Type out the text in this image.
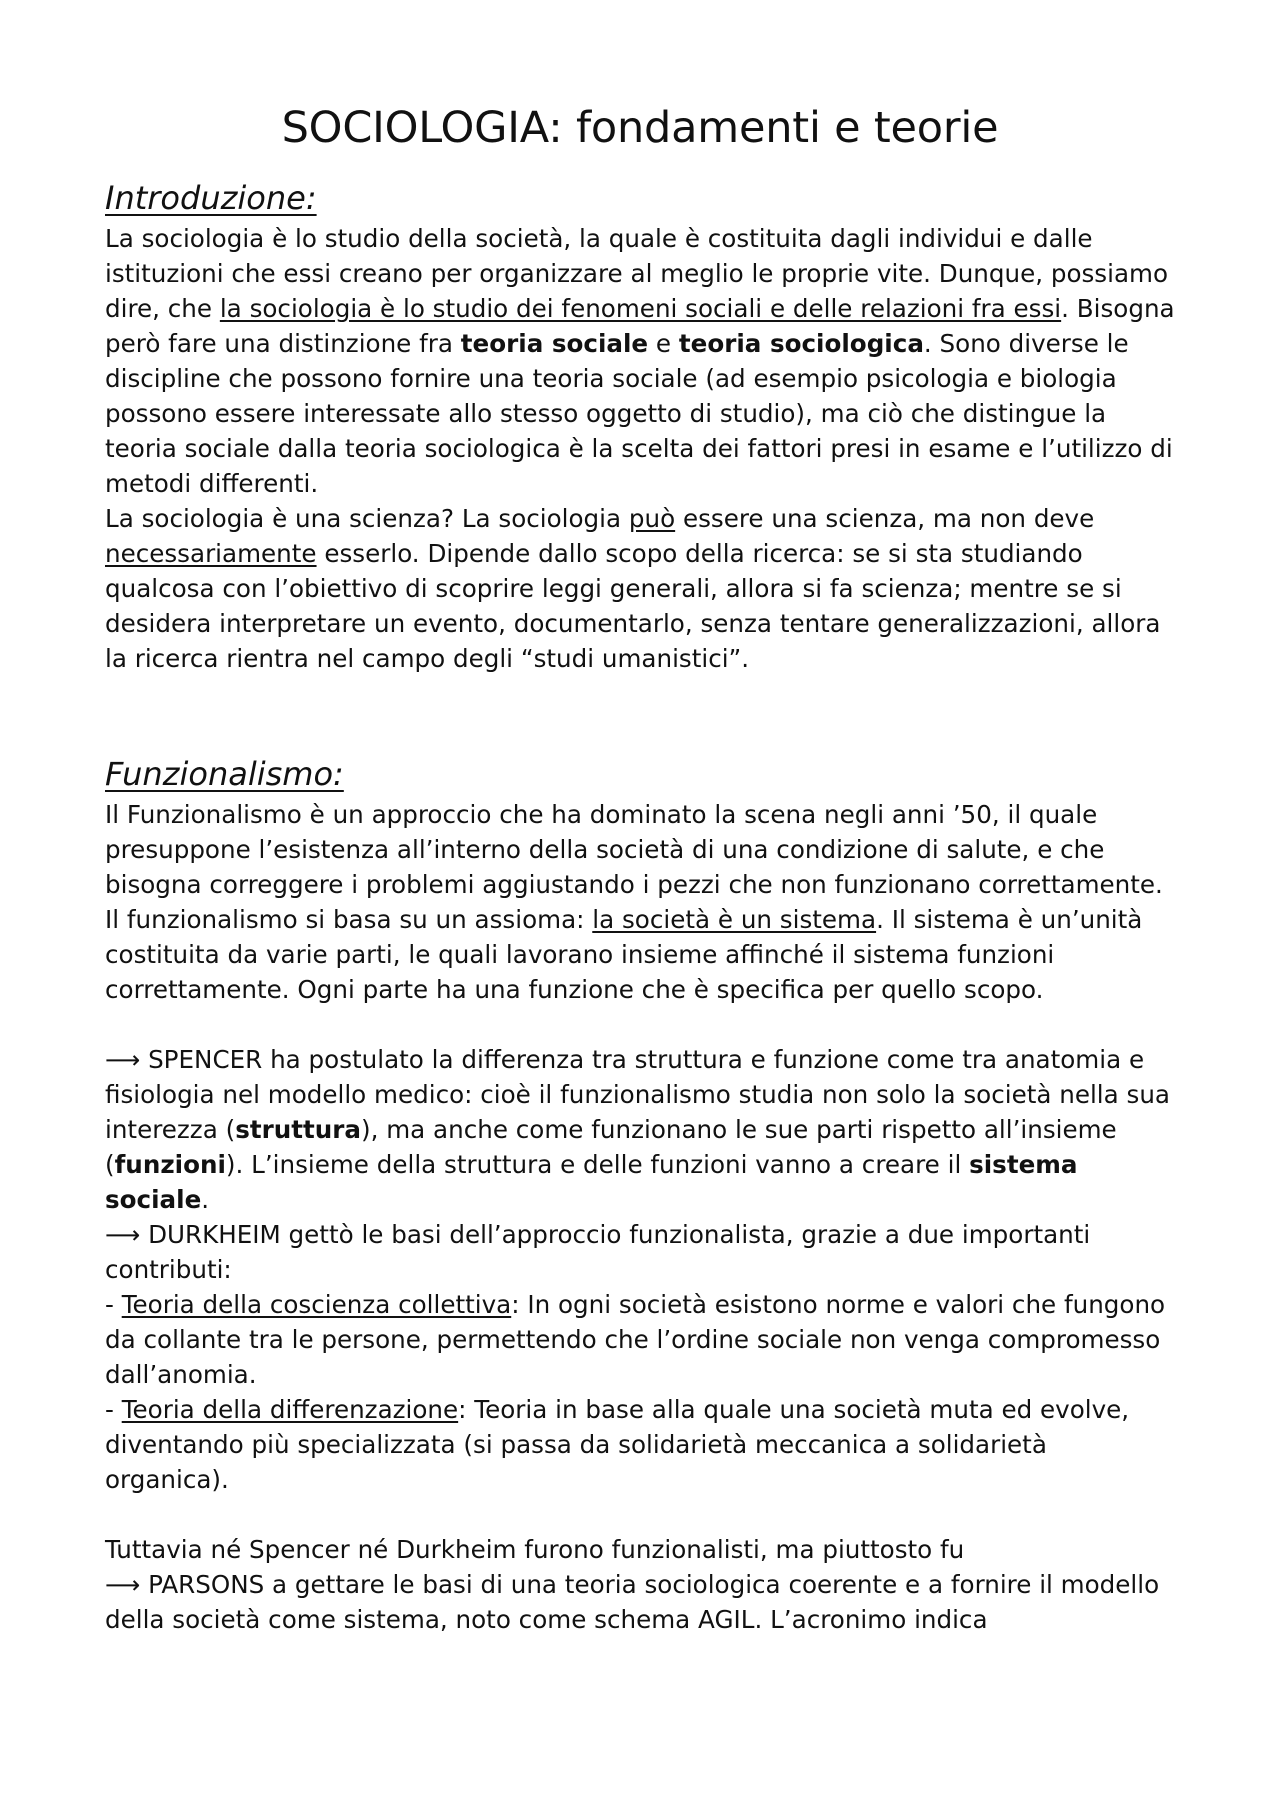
SOCIOLOGIA: fondamenti e teorie
Introduzione:

La sociologia è lo studio della società, la quale è costituita dagli individui e dalle istituzioni che essi creano per organizzare al meglio le proprie vite. Dunque, possiamo dire, che la sociologia è lo studio dei fenomeni sociali e delle relazioni fra essi. Bisogna però fare una distinzione fra teoria sociale e teoria sociologica. Sono diverse le discipline che possono fornire una teoria sociale (ad esempio psicologia e biologia possono essere interessate allo stesso oggetto di studio), ma ciò che distingue la teoria sociale dalla teoria sociologica è la scelta dei fattori presi in esame e l’utilizzo di metodi differenti.

La sociologia è una scienza? La sociologia può essere una scienza, ma non deve necessariamente esserlo. Dipende dallo scopo della ricerca: se si sta studiando qualcosa con l’obiettivo di scoprire leggi generali, allora si fa scienza; mentre se si desidera interpretare un evento, documentarlo, senza tentare generalizzazioni, allora la ricerca rientra nel campo degli “studi umanistici”.

Funzionalismo:

Il Funzionalismo è un approccio che ha dominato la scena negli anni ’50, il quale presuppone l’esistenza all’interno della società di una condizione di salute, e che bisogna correggere i problemi aggiustando i pezzi che non funzionano correttamente.

Il funzionalismo si basa su un assioma: la società è un sistema. Il sistema è un’unità costituita da varie parti, le quali lavorano insieme affinché il sistema funzioni correttamente. Ogni parte ha una funzione che è specifica per quello scopo.

⟶ SPENCER ha postulato la differenza tra struttura e funzione come tra anatomia e fisiologia nel modello medico: cioè il funzionalismo studia non solo la società nella sua interezza (struttura), ma anche come funzionano le sue parti rispetto all’insieme (funzioni). L’insieme della struttura e delle funzioni vanno a creare il sistema sociale.

⟶ DURKHEIM gettò le basi dell’approccio funzionalista, grazie a due importanti contributi:

- Teoria della coscienza collettiva: In ogni società esistono norme e valori che fungono da collante tra le persone, permettendo che l’ordine sociale non venga compromesso dall’anomia.

- Teoria della differenzazione: Teoria in base alla quale una società muta ed evolve, diventando più specializzata (si passa da solidarietà meccanica a solidarietà organica).

Tuttavia né Spencer né Durkheim furono funzionalisti, ma piuttosto fu

⟶ PARSONS a gettare le basi di una teoria sociologica coerente e a fornire il modello della società come sistema, noto come schema AGIL. L’acronimo indica
